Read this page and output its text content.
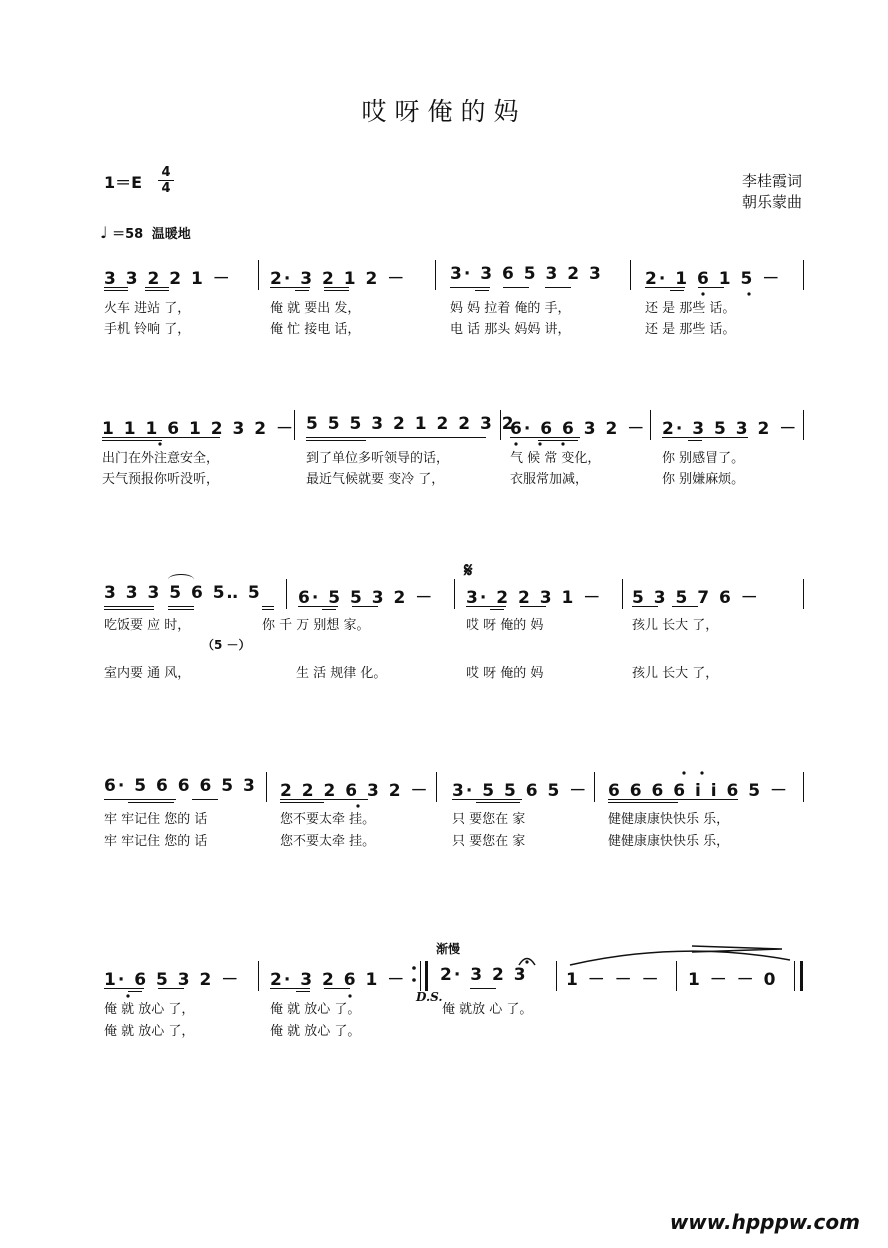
哎呀俺的妈
1＝E
4
4	李桂霞词
朝乐蒙曲
♩ ＝58 温暖地
3 3 2 2 1 － 2· 3 2 1 2 －	3· 3 6 5 3 2 3 2· 1 6 1 5 －
火车 进站 了，	俺 就 要出 发，	妈 妈 拉着 俺的 手，	还 是 那些 话。
手机 铃响 了，	俺 忙 接电 话，	电 话 那头 妈妈 讲，	还 是 那些 话。
1 1 1 6 1 2 3 2 － 5 5 5 3 2 1 2 2 3 2
6· 6 6 3 2 － 2· 3 5 3 2 －
出门在外注意安全，	到了单位多听领导的话，	气 候 常 变化，	你 别感冒了。
天气预报你听没听，	最近气候就要 变冷 了，	衣服常加减，	你 别嫌麻烦。
𝄋
3 3 3 5 6 5‥ 5 6· 5 5 3 2 － 3· 2 2 3 1 － 5 3 5 7 6 －
吃饭要 应 时，	你 千 万 别想 家。	哎 呀 俺的 妈	孩儿 长大 了，
（5 －）
室内要 通 风，	生 活 规律 化。	哎 呀 俺的 妈	孩儿 长大 了，
6· 5 6 6 6 5 3 2 2 2 6 3 2 － 3· 5 5 6 5 － 6 6 6 6 i i 6 5 －
牢 牢记住 您的 话	您不要太牵 挂。	只 要您在 家	健健康康快快乐 乐，
牢 牢记住 您的 话	您不要太牵 挂。	只 要您在 家	健健康康快快乐 乐，
渐慢
1· 6 5 3 2 － 2· 3 2 6 1 － 2· 3 2 3 1 － － － 1 － － 0
D.S.
俺 就 放心 了，	俺 就 放心 了。	俺 就放 心 了。
俺 就 放心 了，	俺 就 放心 了。
www.hpppw.com
